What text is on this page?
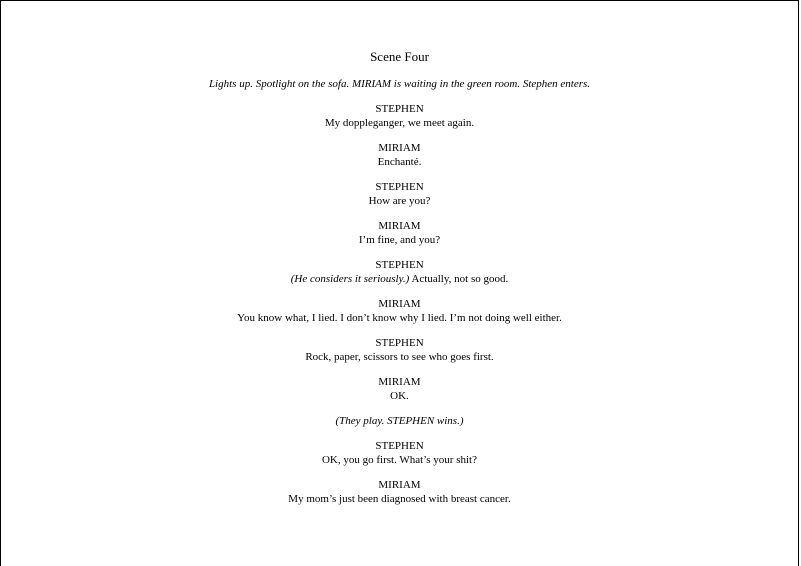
Scene Four
Lights up. Spotlight on the sofa. MIRIAM is waiting in the green room. Stephen enters.
STEPHEN
My doppleganger, we meet again.
MIRIAM
Enchanté.
STEPHEN
How are you?
MIRIAM
I’m fine, and you?
STEPHEN
(He considers it seriously.) Actually, not so good.
MIRIAM
You know what, I lied. I don’t know why I lied. I’m not doing well either.
STEPHEN
Rock, paper, scissors to see who goes first.
MIRIAM
OK.
(They play. STEPHEN wins.)
STEPHEN
OK, you go first. What’s your shit?
MIRIAM
My mom’s just been diagnosed with breast cancer.
